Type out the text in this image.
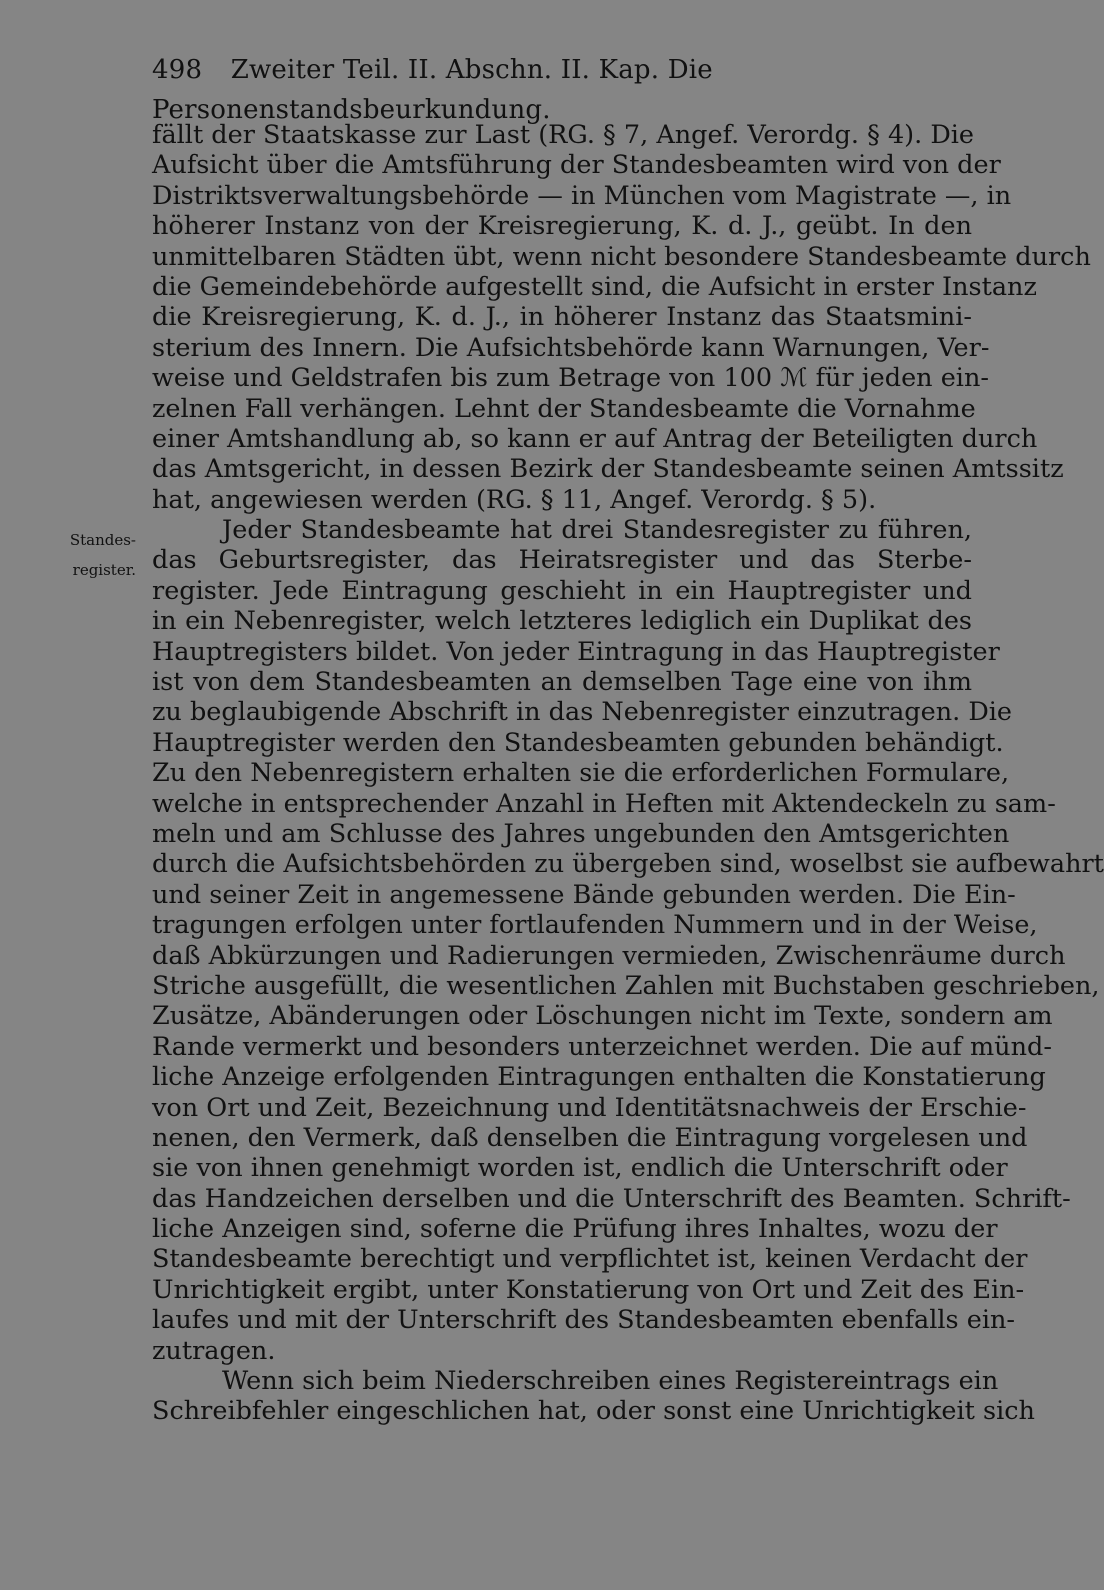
498 Zweiter Teil. II. Abschn. II. Kap. Die Personenstandsbeurkundung.
Standes-
register.
fällt der Staatskasse zur Last (RG. § 7, Angef. Verordg. § 4). Die
Aufsicht über die Amtsführung der Standesbeamten wird von der
Distriktsverwaltungsbehörde — in München vom Magistrate —, in
höherer Instanz von der Kreisregierung, K. d. J., geübt. In den
unmittelbaren Städten übt, wenn nicht besondere Standesbeamte durch
die Gemeindebehörde aufgestellt sind, die Aufsicht in erster Instanz
die Kreisregierung, K. d. J., in höherer Instanz das Staatsmini-
sterium des Innern. Die Aufsichtsbehörde kann Warnungen, Ver-
weise und Geldstrafen bis zum Betrage von 100 ℳ für jeden ein-
zelnen Fall verhängen. Lehnt der Standesbeamte die Vornahme
einer Amtshandlung ab, so kann er auf Antrag der Beteiligten durch
das Amtsgericht, in dessen Bezirk der Standesbeamte seinen Amtssitz
hat, angewiesen werden (RG. § 11, Angef. Verordg. § 5).
Jeder Standesbeamte hat drei Standesregister zu führen,
das Geburtsregister, das Heiratsregister und das Sterbe-
register. Jede Eintragung geschieht in ein Hauptregister und
in ein Nebenregister, welch letzteres lediglich ein Duplikat des
Hauptregisters bildet. Von jeder Eintragung in das Hauptregister
ist von dem Standesbeamten an demselben Tage eine von ihm
zu beglaubigende Abschrift in das Nebenregister einzutragen. Die
Hauptregister werden den Standesbeamten gebunden behändigt.
Zu den Nebenregistern erhalten sie die erforderlichen Formulare,
welche in entsprechender Anzahl in Heften mit Aktendeckeln zu sam-
meln und am Schlusse des Jahres ungebunden den Amtsgerichten
durch die Aufsichtsbehörden zu übergeben sind, woselbst sie aufbewahrt
und seiner Zeit in angemessene Bände gebunden werden. Die Ein-
tragungen erfolgen unter fortlaufenden Nummern und in der Weise,
daß Abkürzungen und Radierungen vermieden, Zwischenräume durch
Striche ausgefüllt, die wesentlichen Zahlen mit Buchstaben geschrieben,
Zusätze, Abänderungen oder Löschungen nicht im Texte, sondern am
Rande vermerkt und besonders unterzeichnet werden. Die auf münd-
liche Anzeige erfolgenden Eintragungen enthalten die Konstatierung
von Ort und Zeit, Bezeichnung und Identitätsnachweis der Erschie-
nenen, den Vermerk, daß denselben die Eintragung vorgelesen und
sie von ihnen genehmigt worden ist, endlich die Unterschrift oder
das Handzeichen derselben und die Unterschrift des Beamten. Schrift-
liche Anzeigen sind, soferne die Prüfung ihres Inhaltes, wozu der
Standesbeamte berechtigt und verpflichtet ist, keinen Verdacht der
Unrichtigkeit ergibt, unter Konstatierung von Ort und Zeit des Ein-
laufes und mit der Unterschrift des Standesbeamten ebenfalls ein-
zutragen.
Wenn sich beim Niederschreiben eines Registereintrags ein
Schreibfehler eingeschlichen hat, oder sonst eine Unrichtigkeit sich
